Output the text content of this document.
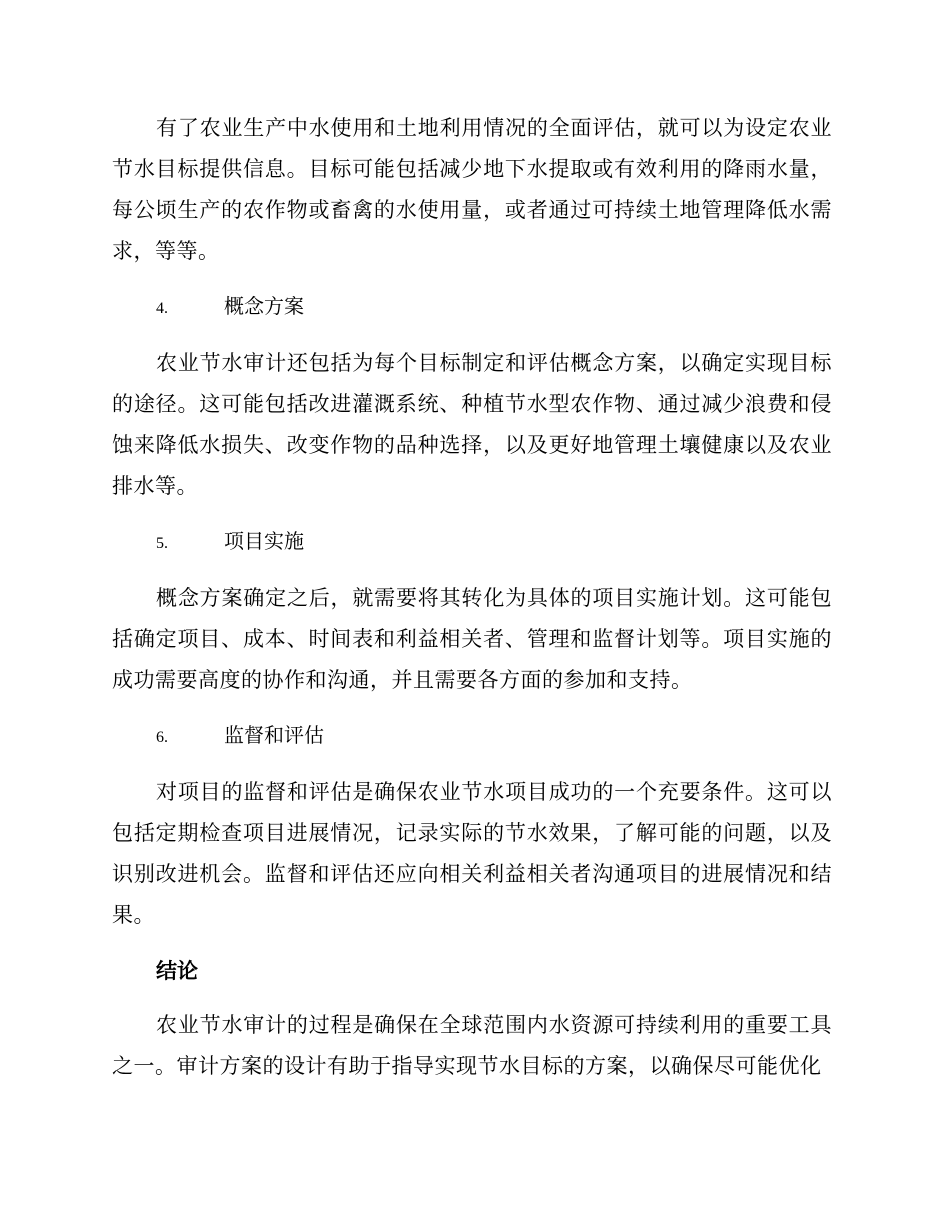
有了农业生产中水使用和土地利用情况的全面评估，就可以为设定农业节水目标提供信息。目标可能包括减少地下水提取或有效利用的降雨水量，每公顷生产的农作物或畜禽的水使用量，或者通过可持续土地管理降低水需求，等等。

4.	概念方案

农业节水审计还包括为每个目标制定和评估概念方案，以确定实现目标的途径。这可能包括改进灌溉系统、种植节水型农作物、通过减少浪费和侵蚀来降低水损失、改变作物的品种选择，以及更好地管理土壤健康以及农业排水等。

5.	项目实施

概念方案确定之后，就需要将其转化为具体的项目实施计划。这可能包括确定项目、成本、时间表和利益相关者、管理和监督计划等。项目实施的成功需要高度的协作和沟通，并且需要各方面的参加和支持。

6.	监督和评估

对项目的监督和评估是确保农业节水项目成功的一个充要条件。这可以包括定期检查项目进展情况，记录实际的节水效果，了解可能的问题，以及识别改进机会。监督和评估还应向相关利益相关者沟通项目的进展情况和结果。

结论

农业节水审计的过程是确保在全球范围内水资源可持续利用的重要工具之一。审计方案的设计有助于指导实现节水目标的方案，以确保尽可能优化
